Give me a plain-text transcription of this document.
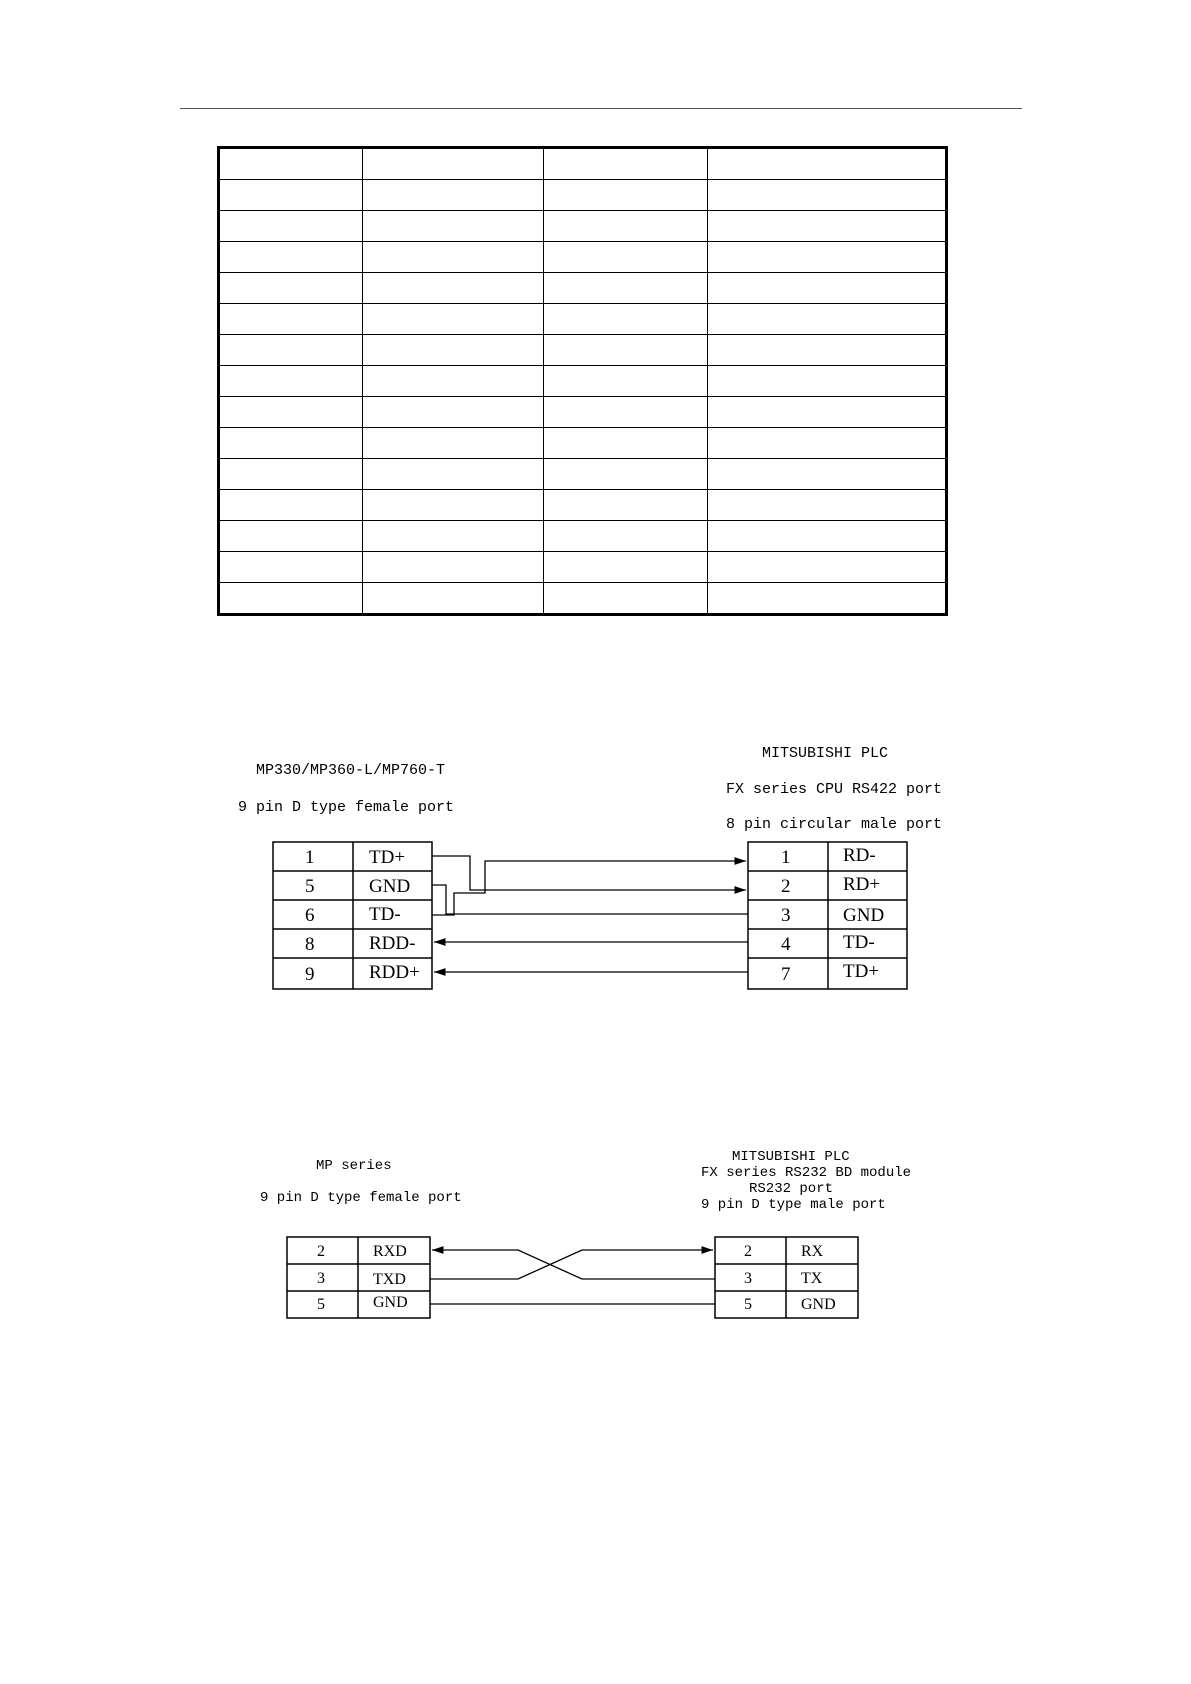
MP330/MP360-L/MP760-T
9 pin D type female port
MITSUBISHI PLC
FX series CPU RS422 port
8 pin circular male port
1	TD+
5	GND
6	TD-
8	RDD-
9	RDD+
1	RD-
2	RD+
3	GND
4	TD-
7	TD+
MP series
9 pin D type female port
MITSUBISHI PLC
FX series RS232 BD module
RS232 port
9 pin D type male port
2	RXD
3	TXD
5	GND
2	RX
3	TX
5	GND
